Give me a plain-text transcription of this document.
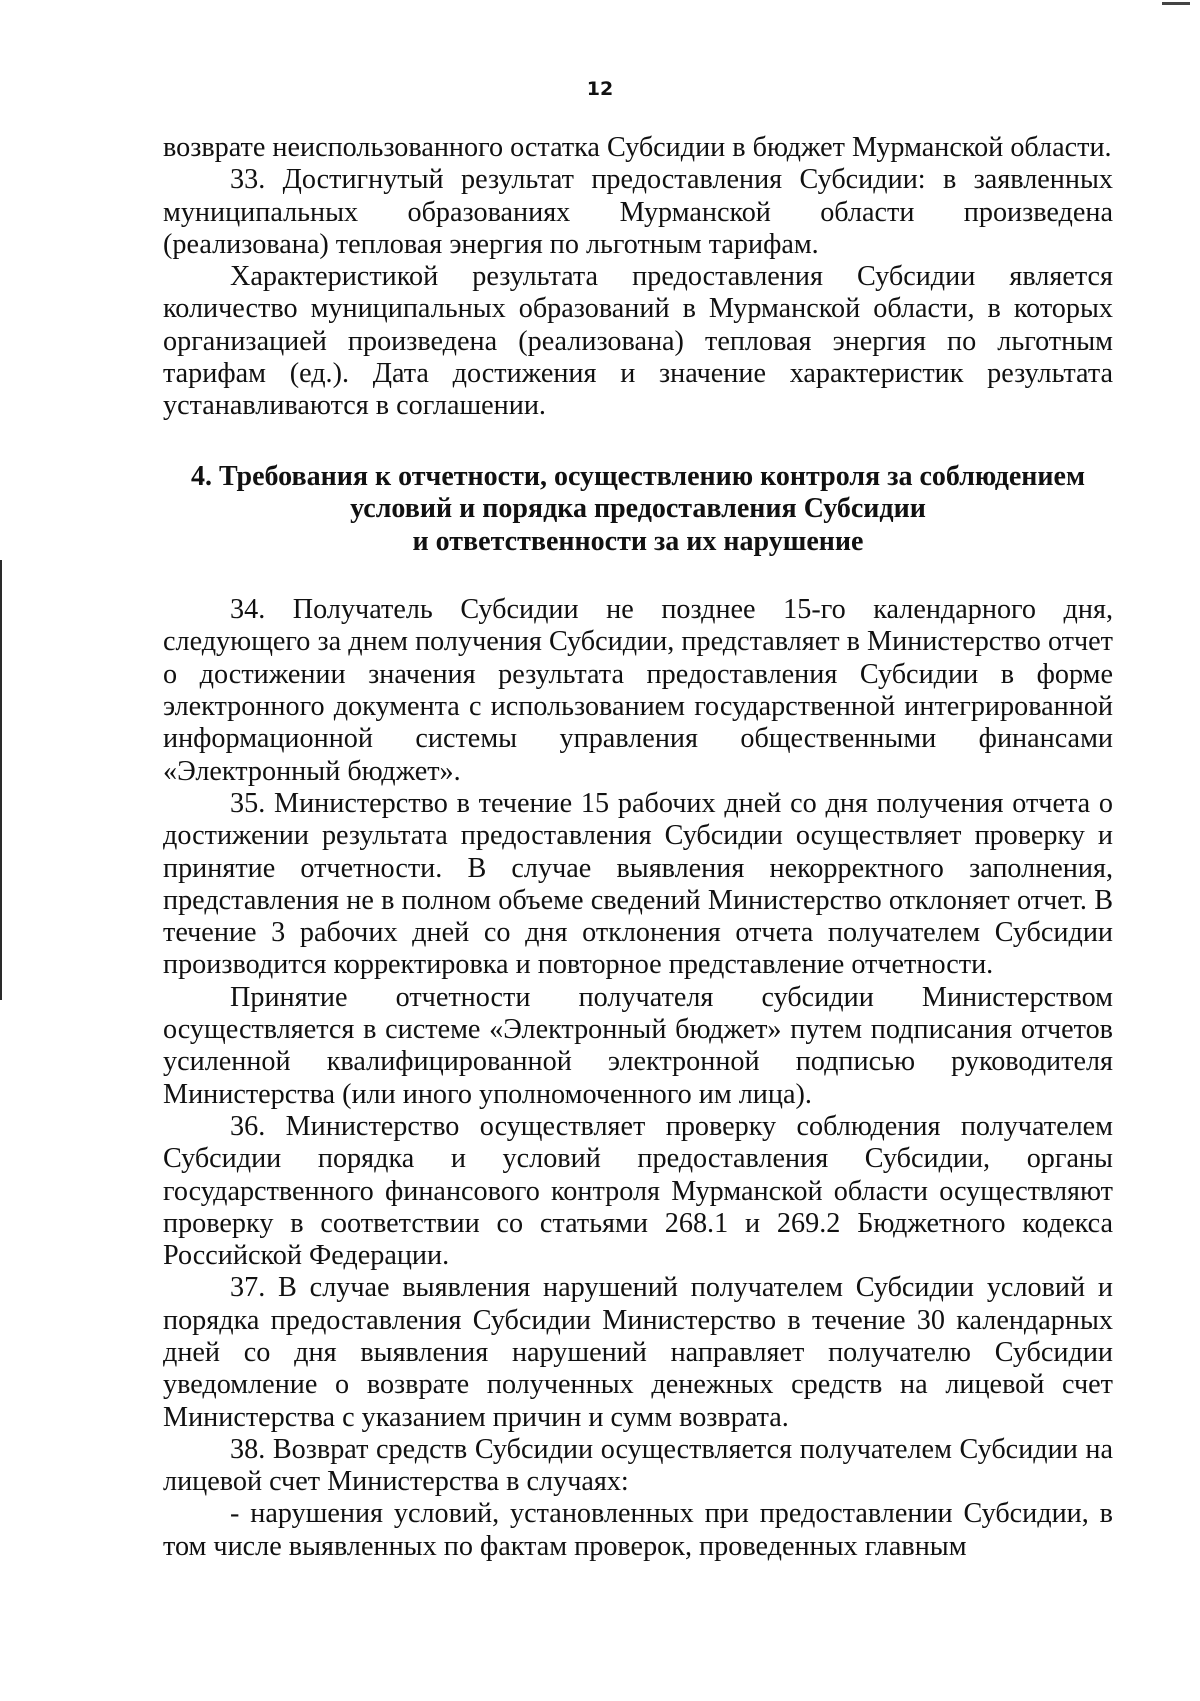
12

возврате неиспользованного остатка Субсидии в бюджет Мурманской области.

33. Достигнутый результат предоставления Субсидии: в заявленных муниципальных образованиях Мурманской области произведена (реализована) тепловая энергия по льготным тарифам.

Характеристикой результата предоставления Субсидии является количество муниципальных образований в Мурманской области, в которых организацией произведена (реализована) тепловая энергия по льготным тарифам (ед.). Дата достижения и значение характеристик результата устанавливаются в соглашении.

4. Требования к отчетности, осуществлению контроля за соблюдением
условий и порядка предоставления Субсидии
и ответственности за их нарушение

34. Получатель Субсидии не позднее 15-го календарного дня, следующего за днем получения Субсидии, представляет в Министерство отчет о достижении значения результата предоставления Субсидии в форме электронного документа с использованием государственной интегрированной информационной системы управления общественными финансами «Электронный бюджет».

35. Министерство в течение 15 рабочих дней со дня получения отчета о достижении результата предоставления Субсидии осуществляет проверку и принятие отчетности. В случае выявления некорректного заполнения, представления не в полном объеме сведений Министерство отклоняет отчет. В течение 3 рабочих дней со дня отклонения отчета получателем Субсидии производится корректировка и повторное представление отчетности.

Принятие отчетности получателя субсидии Министерством осуществляется в системе «Электронный бюджет» путем подписания отчетов усиленной квалифицированной электронной подписью руководителя Министерства (или иного уполномоченного им лица).

36. Министерство осуществляет проверку соблюдения получателем Субсидии порядка и условий предоставления Субсидии, органы государственного финансового контроля Мурманской области осуществляют проверку в соответствии со статьями 268.1 и 269.2 Бюджетного кодекса Российской Федерации.

37. В случае выявления нарушений получателем Субсидии условий и порядка предоставления Субсидии Министерство в течение 30 календарных дней со дня выявления нарушений направляет получателю Субсидии уведомление о возврате полученных денежных средств на лицевой счет Министерства с указанием причин и сумм возврата.

38. Возврат средств Субсидии осуществляется получателем Субсидии на лицевой счет Министерства в случаях:

- нарушения условий, установленных при предоставлении Субсидии, в том числе выявленных по фактам проверок, проведенных главным
